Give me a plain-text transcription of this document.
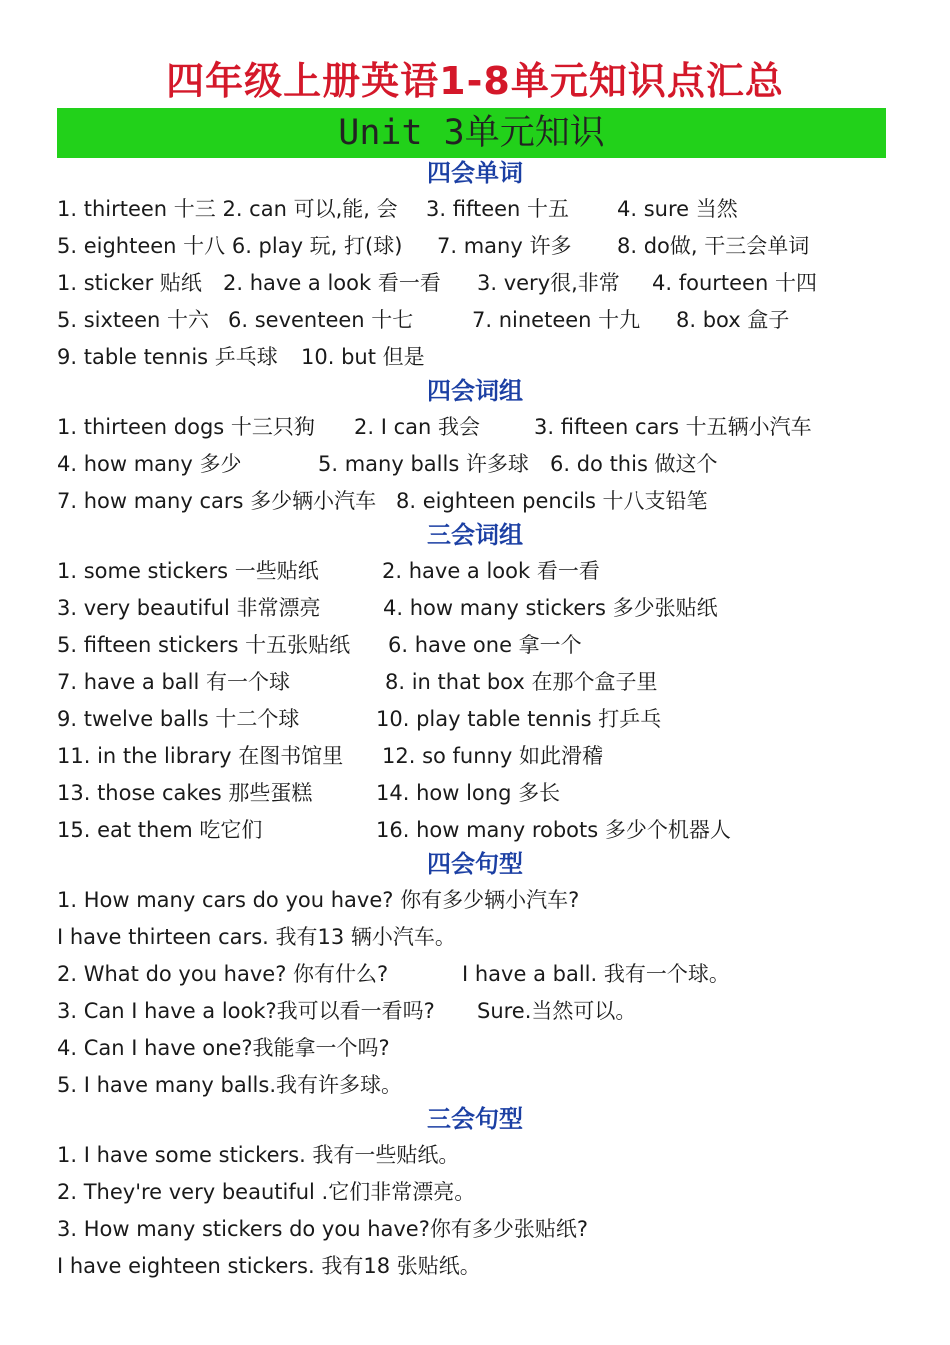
四年级上册英语1-8单元知识点汇总
Unit 3单元知识
四会单词
1. thirteen 十三 2. can 可以,能, 会 3. fifteen 十五 4. sure 当然
5. eighteen 十八 6. play 玩, 打(球) 7. many 许多 8. do做, 干三会单词
1. sticker 贴纸 2. have a look 看一看 3. very很,非常 4. fourteen 十四
5. sixteen 十六 6. seventeen 十七	7. nineteen 十九 8. box 盒子
9. table tennis 乒乓球 10. but 但是
四会词组
1. thirteen dogs 十三只狗 2. I can 我会	3. fifteen cars 十五辆小汽车
4. how many 多少	5. many balls 许多球 6. do this 做这个
7. how many cars 多少辆小汽车 8. eighteen pencils 十八支铅笔
三会词组
1. some stickers 一些贴纸	2. have a look 看一看
3. very beautiful 非常漂亮	4. how many stickers 多少张贴纸
5. fifteen stickers 十五张贴纸 6. have one 拿一个
7. have a ball 有一个球	8. in that box 在那个盒子里
9. twelve balls 十二个球	10. play table tennis 打乒乓
11. in the library 在图书馆里 12. so funny 如此滑稽
13. those cakes 那些蛋糕	14. how long 多长
15. eat them 吃它们	16. how many robots 多少个机器人
四会句型
1. How many cars do you have? 你有多少辆小汽车?
I have thirteen cars. 我有13 辆小汽车。
2. What do you have? 你有什么?	I have a ball. 我有一个球。
3. Can I have a look?我可以看一看吗? Sure.当然可以。
4. Can I have one?我能拿一个吗?
5. I have many balls.我有许多球。
三会句型
1. I have some stickers. 我有一些贴纸。
2. They're very beautiful .它们非常漂亮。
3. How many stickers do you have?你有多少张贴纸?
I have eighteen stickers. 我有18 张贴纸。
